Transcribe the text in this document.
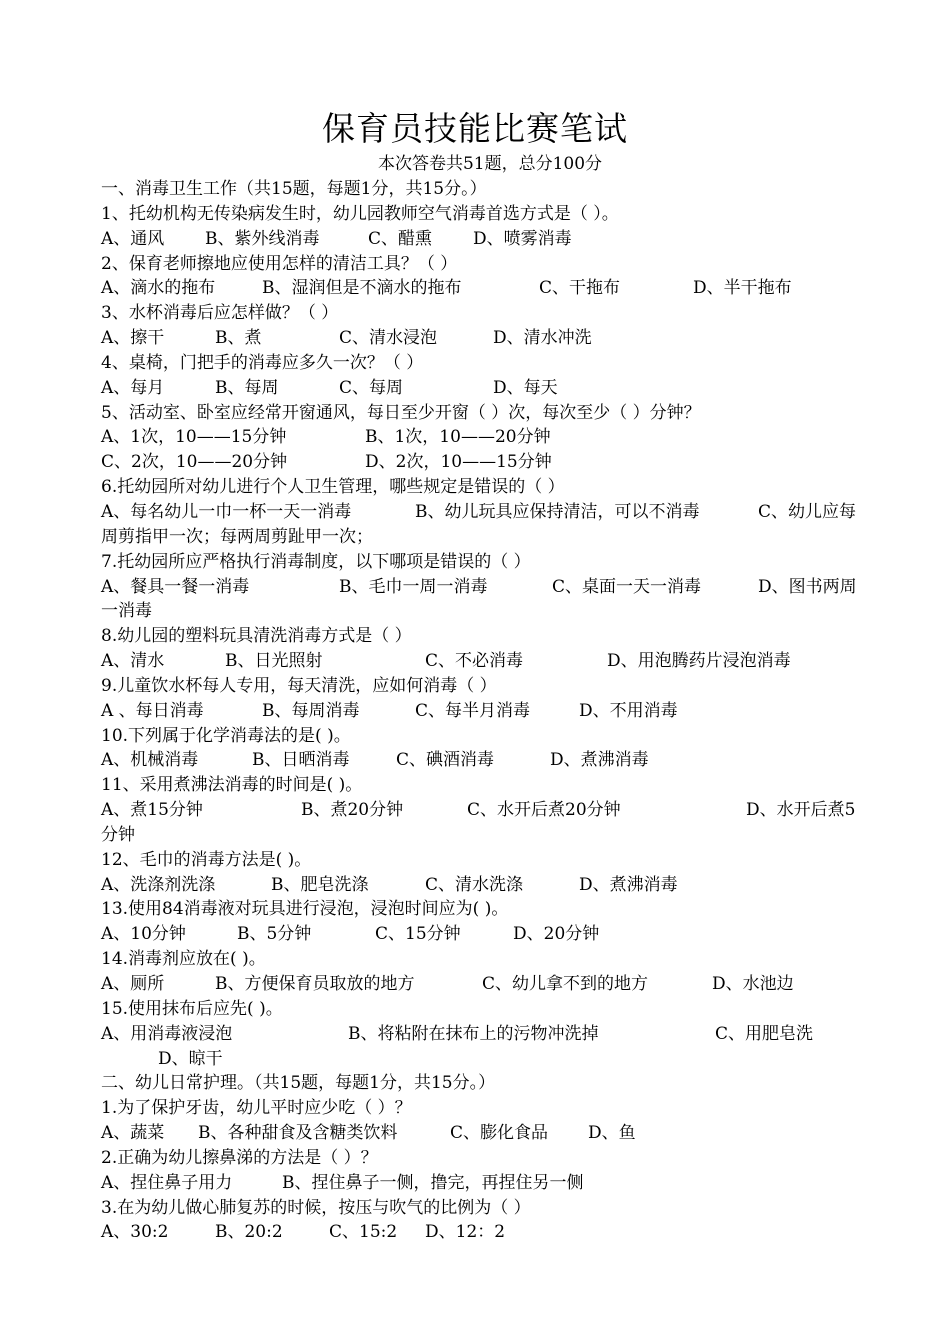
保育员技能比赛笔试
本次答卷共51题，总分100分
一、消毒卫生工作（共15题，每题1分，共15分。）
1、托幼机构无传染病发生时，幼儿园教师空气消毒首选方式是（ ）。
A、通风 B、紫外线消毒	C、醋熏 D、喷雾消毒
2、保育老师擦地应使用怎样的清洁工具？（ ）
A、滴水的拖布	B、湿润但是不滴水的拖布	C、干拖布	D、半干拖布
3、水杯消毒后应怎样做？（ ）
A、擦干	B、煮	C、清水浸泡	D、清水冲洗
4、桌椅，门把手的消毒应多久一次？（ ）
A、每月	B、每周	C、每周	D、每天
5、活动室、卧室应经常开窗通风，每日至少开窗（ ）次，每次至少（ ）分钟？
A、1次，10——15分钟	B、1次，10——20分钟
C、2次，10——20分钟	D、2次，10——15分钟
6.托幼园所对幼儿进行个人卫生管理，哪些规定是错误的（ ）
A、每名幼儿一巾一杯一天一消毒	B、幼儿玩具应保持清洁，可以不消毒	C、幼儿应每
周剪指甲一次；每两周剪趾甲一次；
7.托幼园所应严格执行消毒制度，以下哪项是错误的（ ）
A、餐具一餐一消毒	B、毛巾一周一消毒	C、桌面一天一消毒	D、图书两周
一消毒
8.幼儿园的塑料玩具清洗消毒方式是（ ）
A、清水	B、日光照射	C、不必消毒	D、用泡腾药片浸泡消毒
9.儿童饮水杯每人专用，每天清洗，应如何消毒（ ）
A 、每日消毒	B、每周消毒	C、每半月消毒	D、不用消毒
10.下列属于化学消毒法的是( )。
A、机械消毒	B、日晒消毒	C、碘酒消毒	D、煮沸消毒
11、采用煮沸法消毒的时间是( )。
A、煮15分钟	B、煮20分钟	C、水开后煮20分钟	D、水开后煮5
分钟
12、毛巾的消毒方法是( )。
A、洗涤剂洗涤	B、肥皂洗涤	C、清水洗涤	D、煮沸消毒
13.使用84消毒液对玩具进行浸泡，浸泡时间应为( )。
A、10分钟	B、5分钟	C、15分钟	D、20分钟
14.消毒剂应放在( )。
A、厕所	B、方便保育员取放的地方	C、幼儿拿不到的地方	D、水池边
15.使用抹布后应先( )。
A、用消毒液浸泡	B、将粘附在抹布上的污物冲洗掉	C、用肥皂洗
D、晾干
二、幼儿日常护理。（共15题，每题1分，共15分。）
1.为了保护牙齿，幼儿平时应少吃（ ）？
A、蔬菜 B、各种甜食及含糖类饮料	C、膨化食品 D、鱼
2.正确为幼儿擦鼻涕的方法是（ ）？
A、捏住鼻子用力	B、捏住鼻子一侧，撸完，再捏住另一侧
3.在为幼儿做心肺复苏的时候，按压与吹气的比例为（ ）
A、30:2	B、20:2	C、15:2 D、12：2
